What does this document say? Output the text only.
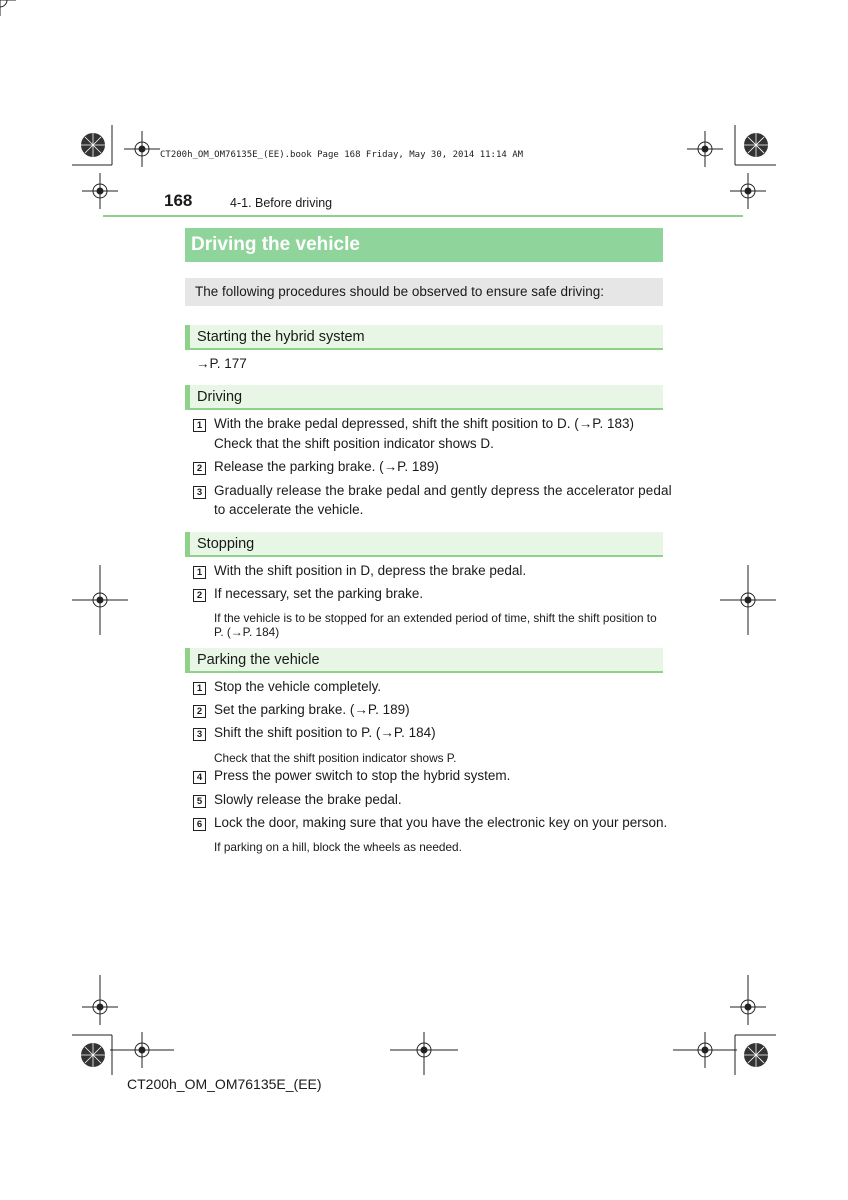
CT200h_OM_OM76135E_(EE).book Page 168 Friday, May 30, 2014 11:14 AM
168	4-1. Before driving
Driving the vehicle
The following procedures should be observed to ensure safe driving:
Starting the hybrid system
→P. 177
Driving
1 With the brake pedal depressed, shift the shift position to D. (→P. 183)
Check that the shift position indicator shows D.
2 Release the parking brake. (→P. 189)
3 Gradually release the brake pedal and gently depress the accelerator pedal
to accelerate the vehicle.
Stopping
1 With the shift position in D, depress the brake pedal.
2 If necessary, set the parking brake.
If the vehicle is to be stopped for an extended period of time, shift the shift position to
P. (→P. 184)
Parking the vehicle
1 Stop the vehicle completely.
2 Set the parking brake. (→P. 189)
3 Shift the shift position to P. (→P. 184)
Check that the shift position indicator shows P.
4 Press the power switch to stop the hybrid system.
5 Slowly release the brake pedal.
6 Lock the door, making sure that you have the electronic key on your person.
If parking on a hill, block the wheels as needed.
CT200h_OM_OM76135E_(EE)
